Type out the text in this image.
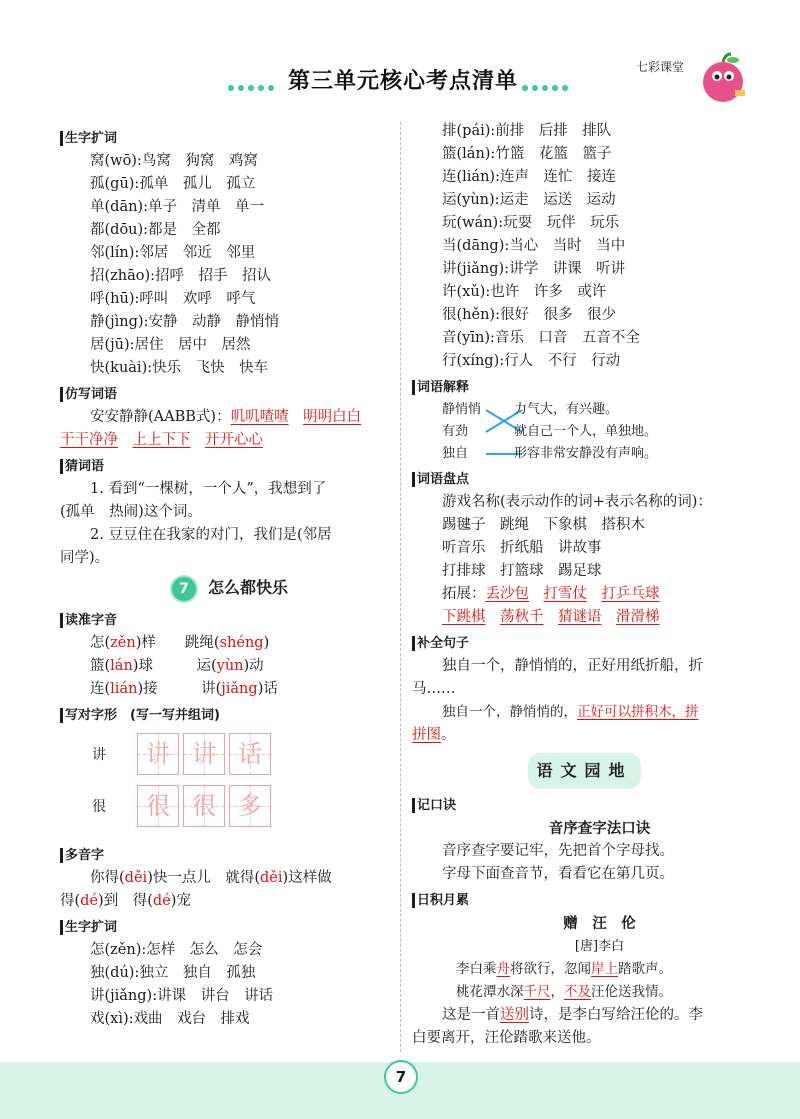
第三单元核心考点清单
七彩课堂
生字扩词
窝(wō):鸟窝　狗窝　鸡窝
孤(gū):孤单　孤儿　孤立
单(dān):单子　清单　单一
都(dōu):都是　全都
邻(lín):邻居　邻近　邻里
招(zhāo):招呼　招手　招认
呼(hū):呼叫　欢呼　呼气
静(jìng):安静　动静　静悄悄
居(jū):居住　居中　居然
快(kuài):快乐　飞快　快车
仿写词语
安安静静(AABB式)：叽叽喳喳　 明明白白
干干净净　 上上下下　 开开心心
猜词语
1. 看到“一棵树，一个人”，我想到了
(孤单　热闹)这个词。
2. 豆豆住在我家的对门，我们是(邻居
同学)。
7 怎么都快乐
读准字音
怎(zěn)样　　 跳绳(shéng)
篮(lán)球　　　	运(yùn)动
连(lián)接　　　	讲(jiǎng)话
写对字形　 (写一写并组词)
讲 讲 讲 话
很 很 很 多
多音字
你得(děi)快一点儿　就得(děi)这样做
得(dé)到　得(dé)宠
生字扩词
怎(zěn):怎样　怎么　怎会
独(dú):独立　独自　孤独
讲(jiǎng):讲课　讲台　讲话
戏(xì):戏曲　戏台　排戏
排(pái):前排　后排　排队
篮(lán):竹篮　花篮　篮子
连(lián):连声　连忙　接连
运(yùn):运走　运送　运动
玩(wán):玩耍　玩伴　玩乐
当(dāng):当心　当时　当中
讲(jiǎng):讲学　讲课　听讲
许(xǔ):也许　许多　或许
很(hěn):很好　很多　很少
音(yīn):音乐　口音　五音不全
行(xíng):行人　不行　行动
词语解释
静悄悄
有劲
独自
力气大，有兴趣。
就自己一个人，单独地。
形容非常安静没有声响。
词语盘点
游戏名称(表示动作的词+表示名称的词)：
踢毽子　跳绳　下象棋　搭积木
听音乐　折纸船　讲故事
打排球　打篮球　踢足球
拓展：丢沙包　 打雪仗　 打乒乓球
下跳棋　 荡秋千　 猜谜语　 滑滑梯
补全句子
独自一个，静悄悄的，正好用纸折船，折
马……
独自一个，静悄悄的，正好可以拼积木，拼
拼图。
语文园地
记口诀
音序查字法口诀
音序查字要记牢，先把首个字母找。
字母下面查音节，看看它在第几页。
日积月累
赠　汪　伦
[唐]李白
李白乘舟将欲行，忽闻岸上踏歌声。
桃花潭水深千尺，不及汪伦送我情。
这是一首送别诗，是李白写给汪伦的。李
白要离开，汪伦踏歌来送他。
7
